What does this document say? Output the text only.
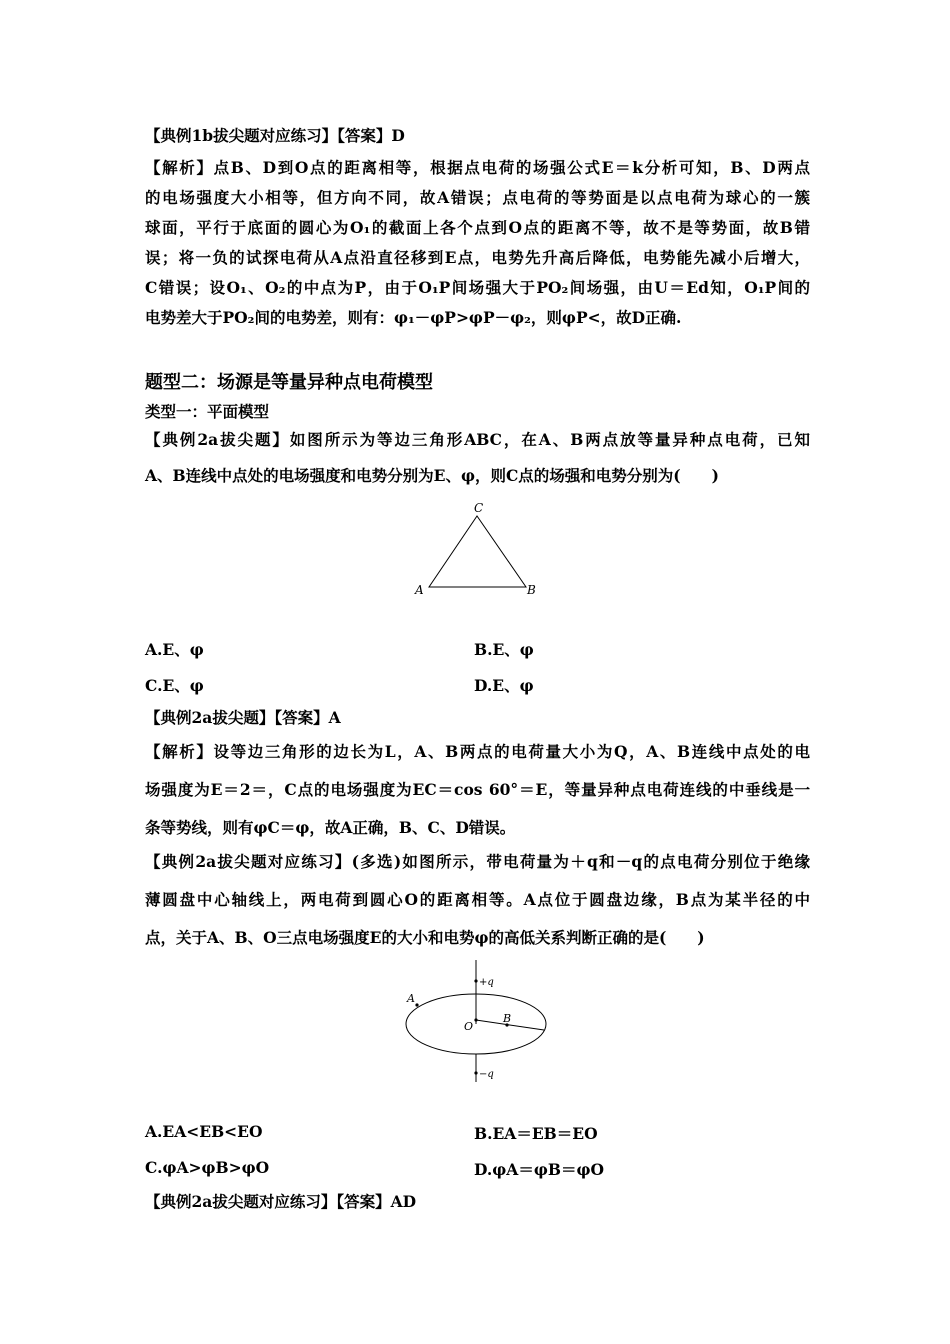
【典例1b拔尖题对应练习】【答案】D
【解析】点B、D到O点的距离相等，根据点电荷的场强公式E＝k分析可知，B、D两点
的电场强度大小相等，但方向不同，故A错误；点电荷的等势面是以点电荷为球心的一簇
球面，平行于底面的圆心为O₁的截面上各个点到O点的距离不等，故不是等势面，故B错
误；将一负的试探电荷从A点沿直径移到E点，电势先升高后降低，电势能先减小后增大，
C错误；设O₁、O₂的中点为P，由于O₁P间场强大于PO₂间场强，由U＝Ed知，O₁P间的
电势差大于PO₂间的电势差，则有：φ₁－φP>φP－φ₂，则φP<，故D正确.
题型二：场源是等量异种点电荷模型
类型一：平面模型
【典例2a拔尖题】如图所示为等边三角形ABC，在A、B两点放等量异种点电荷，已知
A、B连线中点处的电场强度和电势分别为E、φ，则C点的场强和电势分别为(　　)
C
A	B
A.E、φ	B.E、φ
C.E、φ	D.E、φ
【典例2a拔尖题】【答案】A
【解析】设等边三角形的边长为L，A、B两点的电荷量大小为Q，A、B连线中点处的电
场强度为E＝2＝，C点的电场强度为EC＝cos 60°＝E，等量异种点电荷连线的中垂线是一
条等势线，则有φC＝φ，故A正确，B、C、D错误。
【典例2a拔尖题对应练习】(多选)如图所示，带电荷量为＋q和－q的点电荷分别位于绝缘
薄圆盘中心轴线上，两电荷到圆心O的距离相等。A点位于圆盘边缘，B点为某半径的中
点，关于A、B、O三点电场强度E的大小和电势φ的高低关系判断正确的是(　　)
+q
−q
A
B
O
A.EA<EB<EO	B.EA＝EB＝EO
C.φA>φB>φO	D.φA＝φB＝φO
【典例2a拔尖题对应练习】【答案】AD
